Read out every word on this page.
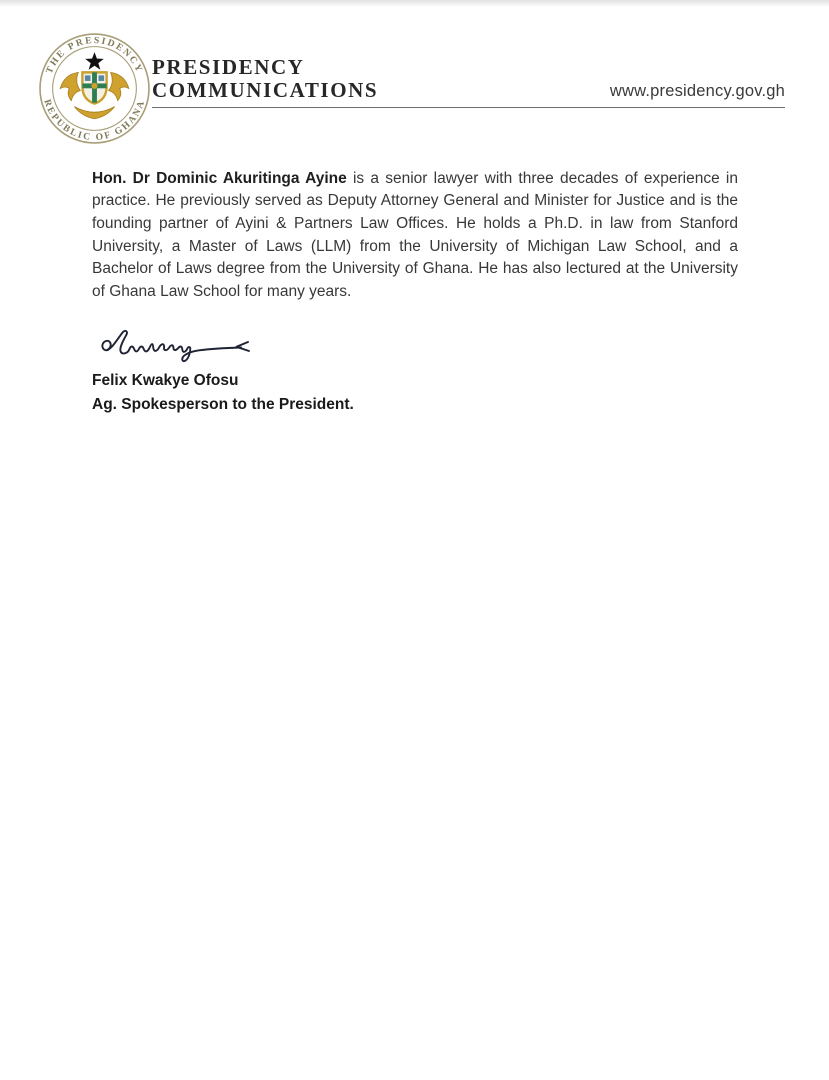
THE PRESIDENCY
REPUBLIC OF GHANA
PRESIDENCY
COMMUNICATIONS	www.presidency.gov.gh

Hon. Dr Dominic Akuritinga Ayine is a senior lawyer with three decades of experience in practice. He previously served as Deputy Attorney General and Minister for Justice and is the founding partner of Ayini & Partners Law Offices. He holds a Ph.D. in law from Stanford University, a Master of Laws (LLM) from the University of Michigan Law School, and a Bachelor of Laws degree from the University of Ghana. He has also lectured at the University of Ghana Law School for many years.

Felix Kwakye Ofosu
Ag. Spokesperson to the President.
